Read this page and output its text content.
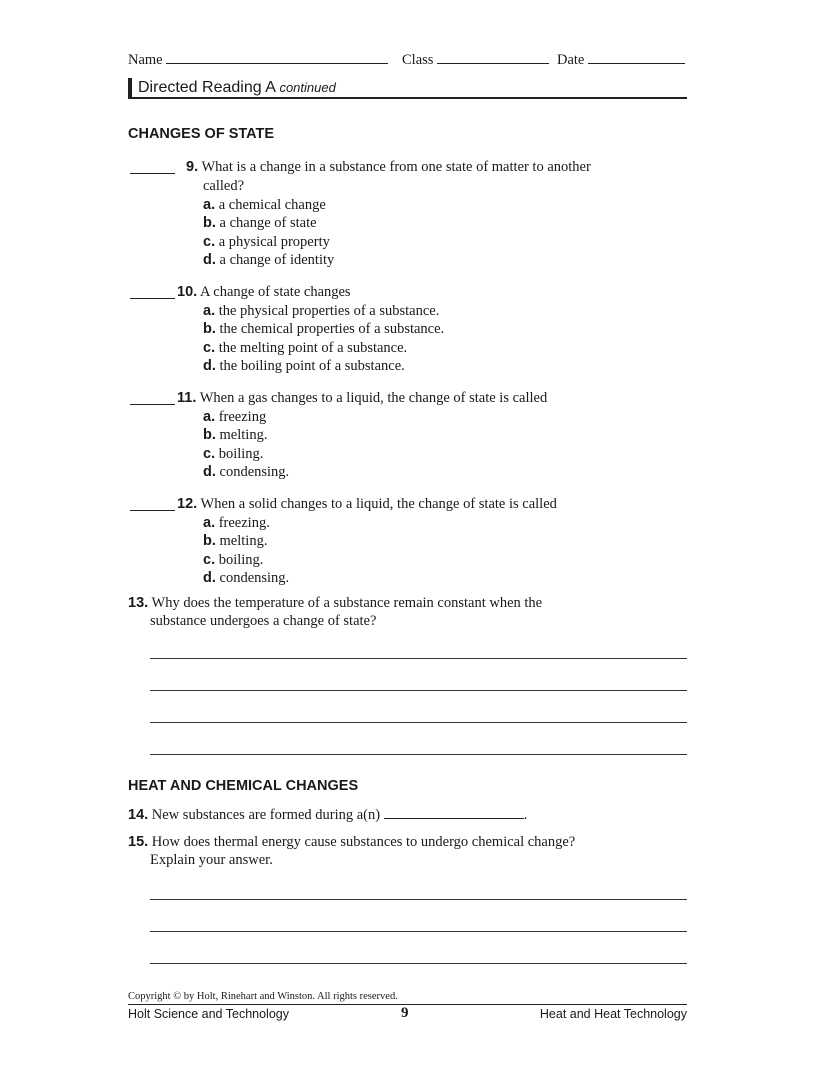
Name	Class	Date
Directed Reading A continued
CHANGES OF STATE
9. What is a change in a substance from one state of matter to another
called?
a. a chemical change
b. a change of state
c. a physical property
d. a change of identity
10. A change of state changes
a. the physical properties of a substance.
b. the chemical properties of a substance.
c. the melting point of a substance.
d. the boiling point of a substance.
11. When a gas changes to a liquid, the change of state is called
a. freezing
b. melting.
c. boiling.
d. condensing.
12. When a solid changes to a liquid, the change of state is called
a. freezing.
b. melting.
c. boiling.
d. condensing.
13. Why does the temperature of a substance remain constant when the
substance undergoes a change of state?
HEAT AND CHEMICAL CHANGES
14. New substances are formed during a(n)	.
15. How does thermal energy cause substances to undergo chemical change?
Explain your answer.
Copyright © by Holt, Rinehart and Winston. All rights reserved.
Holt Science and Technology	9	Heat and Heat Technology
